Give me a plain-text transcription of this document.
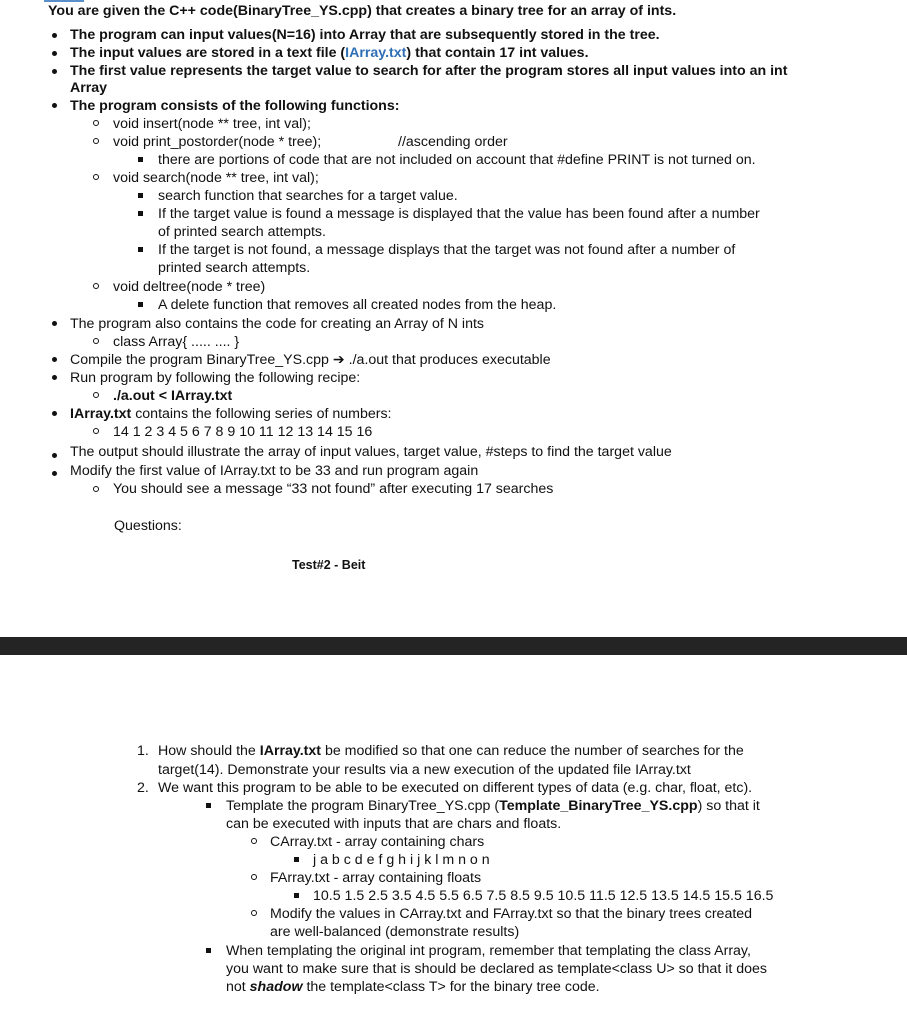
You are given the C++ code(BinaryTree_YS.cpp) that creates a binary tree for an array of ints.
The program can input values(N=16) into Array that are subsequently stored in the tree.
The input values are stored in a text file (IArray.txt) that contain 17 int values.
The first value represents the target value to search for after the program stores all input values into an int
Array
The program consists of the following functions:
void insert(node ** tree, int val);
void print_postorder(node * tree);	//ascending order
there are portions of code that are not included on account that #define PRINT is not turned on.
void search(node ** tree, int val);
search function that searches for a target value.
If the target value is found a message is displayed that the value has been found after a number
of printed search attempts.
If the target is not found, a message displays that the target was not found after a number of
printed search attempts.
void deltree(node * tree)
A delete function that removes all created nodes from the heap.
The program also contains the code for creating an Array of N ints
class Array{ ..... .... }
Compile the program BinaryTree_YS.cpp ➔ ./a.out that produces executable
Run program by following the following recipe:
./a.out < IArray.txt
IArray.txt contains the following series of numbers:
14 1 2 3 4 5 6 7 8 9 10 11 12 13 14 15 16
The output should illustrate the array of input values, target value, #steps to find the target value
Modify the first value of IArray.txt to be 33 and run program again
You should see a message “33 not found” after executing 17 searches
Questions:
Test#2 - Beit
1. How should the IArray.txt be modified so that one can reduce the number of searches for the
target(14). Demonstrate your results via a new execution of the updated file IArray.txt
2. We want this program to be able to be executed on different types of data (e.g. char, float, etc).
Template the program BinaryTree_YS.cpp (Template_BinaryTree_YS.cpp) so that it
can be executed with inputs that are chars and floats.
CArray.txt - array containing chars
j a b c d e f g h i j k l m n o n
FArray.txt - array containing floats
10.5 1.5 2.5 3.5 4.5 5.5 6.5 7.5 8.5 9.5 10.5 11.5 12.5 13.5 14.5 15.5 16.5
Modify the values in CArray.txt and FArray.txt so that the binary trees created
are well-balanced (demonstrate results)
When templating the original int program, remember that templating the class Array,
you want to make sure that is should be declared as template<class U> so that it does
not shadow the template<class T> for the binary tree code.
